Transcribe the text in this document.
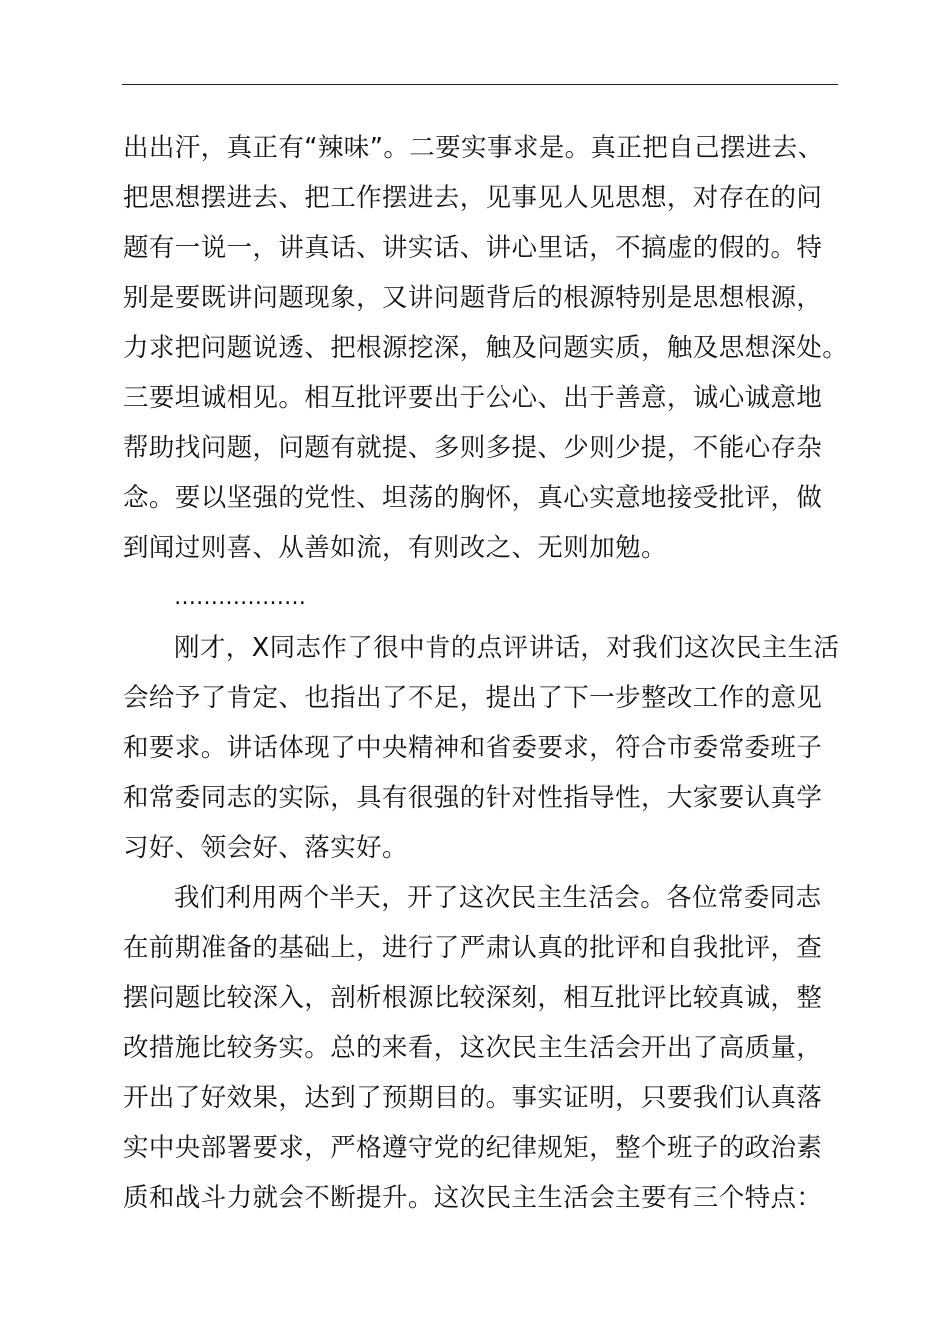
出出汗，真正有“辣味”。二要实事求是。真正把自己摆进去、
把思想摆进去、把工作摆进去，见事见人见思想，对存在的问
题有一说一，讲真话、讲实话、讲心里话，不搞虚的假的。特
别是要既讲问题现象，又讲问题背后的根源特别是思想根源，
力求把问题说透、把根源挖深，触及问题实质，触及思想深处。
三要坦诚相见。相互批评要出于公心、出于善意，诚心诚意地
帮助找问题，问题有就提、多则多提、少则少提，不能心存杂
念。要以坚强的党性、坦荡的胸怀，真心实意地接受批评，做
到闻过则喜、从善如流，有则改之、无则加勉。
………………
刚才，X同志作了很中肯的点评讲话，对我们这次民主生活
会给予了肯定、也指出了不足，提出了下一步整改工作的意见
和要求。讲话体现了中央精神和省委要求，符合市委常委班子
和常委同志的实际，具有很强的针对性指导性，大家要认真学
习好、领会好、落实好。
我们利用两个半天，开了这次民主生活会。各位常委同志
在前期准备的基础上，进行了严肃认真的批评和自我批评，查
摆问题比较深入，剖析根源比较深刻，相互批评比较真诚，整
改措施比较务实。总的来看，这次民主生活会开出了高质量，
开出了好效果，达到了预期目的。事实证明，只要我们认真落
实中央部署要求，严格遵守党的纪律规矩，整个班子的政治素
质和战斗力就会不断提升。这次民主生活会主要有三个特点：
